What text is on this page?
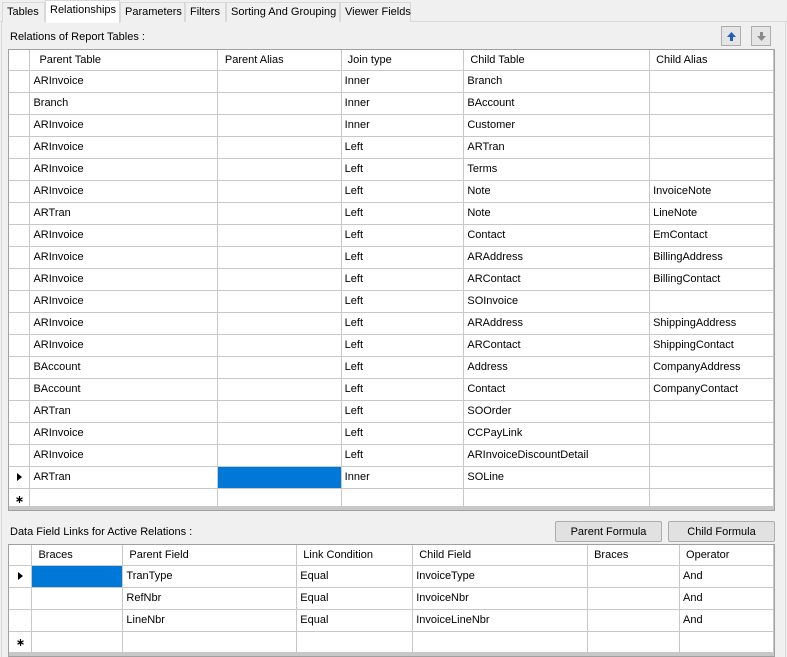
Tables	Relationships Parameters Filters	Sorting And Grouping Viewer Fields
Relations of Report Tables :
	Parent Table	Parent Alias	Join type	Child Table	Child Alias
	ARInvoice		Inner	Branch	
	Branch		Inner	BAccount	
	ARInvoice		Inner	Customer	
	ARInvoice		Left	ARTran	
	ARInvoice		Left	Terms	
	ARInvoice		Left	Note	InvoiceNote
	ARTran		Left	Note	LineNote
	ARInvoice		Left	Contact	EmContact
	ARInvoice		Left	ARAddress	BillingAddress
	ARInvoice		Left	ARContact	BillingContact
	ARInvoice		Left	SOInvoice	
	ARInvoice		Left	ARAddress	ShippingAddress
	ARInvoice		Left	ARContact	ShippingContact
	BAccount		Left	Address	CompanyAddress
	BAccount		Left	Contact	CompanyContact
	ARTran		Left	SOOrder	
	ARInvoice		Left	CCPayLink	
	ARInvoice		Left	ARInvoiceDiscountDetail	

	ARTran		Inner	SOLine	

Data Field Links for Active Relations :	Parent Formula	Child Formula
	Braces	Parent Field	Link Condition	Child Field	Braces	Operator

		TranType	Equal	InvoiceType		And
		RefNbr	Equal	InvoiceNbr		And
		LineNbr	Equal	InvoiceLineNbr		And
